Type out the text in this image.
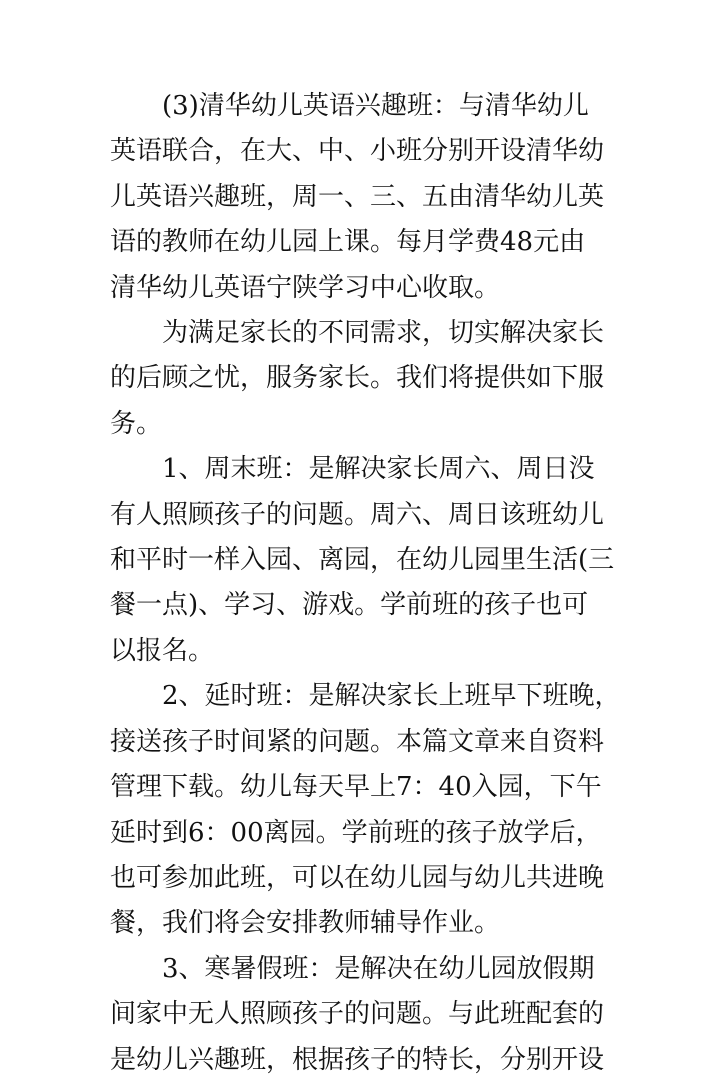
(3)清华幼儿英语兴趣班：与清华幼儿
英语联合，在大、中、小班分别开设清华幼
儿英语兴趣班，周一、三、五由清华幼儿英
语的教师在幼儿园上课。每月学费48元由
清华幼儿英语宁陕学习中心收取。

为满足家长的不同需求，切实解决家长
的后顾之忧，服务家长。我们将提供如下服
务。

1、周末班：是解决家长周六、周日没
有人照顾孩子的问题。周六、周日该班幼儿
和平时一样入园、离园，在幼儿园里生活(三
餐一点)、学习、游戏。学前班的孩子也可
以报名。

2、延时班：是解决家长上班早下班晚，
接送孩子时间紧的问题。本篇文章来自资料
管理下载。幼儿每天早上7：40入园，下午
延时到6：00离园。学前班的孩子放学后，
也可参加此班，可以在幼儿园与幼儿共进晚
餐，我们将会安排教师辅导作业。

3、寒暑假班：是解决在幼儿园放假期
间家中无人照顾孩子的问题。与此班配套的
是幼儿兴趣班，根据孩子的特长，分别开设
